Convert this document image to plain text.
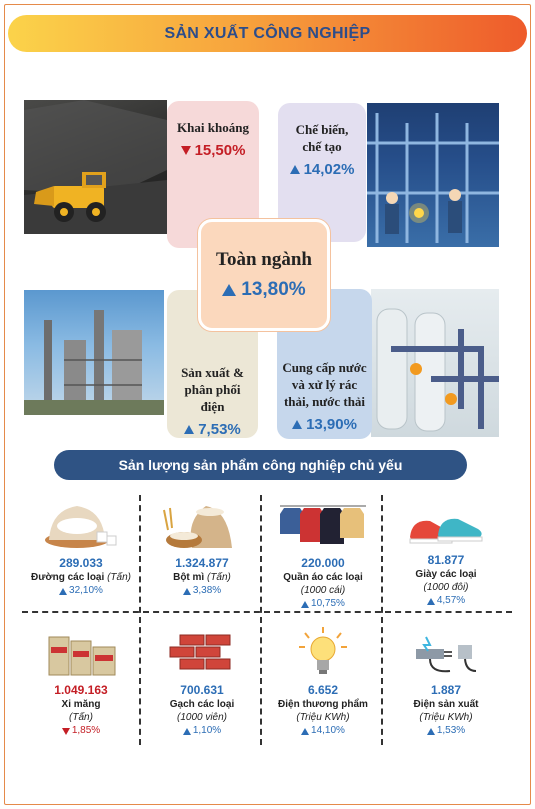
SẢN XUẤT CÔNG NGHIỆP
Khai khoáng
15,50%
Chế biến, chế tạo
14,02%
Sản xuất & phân phối điện
7,53%
Cung cấp nước và xử lý rác thải, nước thải
13,90%
Toàn ngành
13,80%
Sản lượng sản phẩm công nghiệp chủ yếu
289.033
Đường các loại (Tấn)
32,10%
1.324.877
Bột mì (Tấn)
3,38%
220.000
Quần áo các loại
(1000 cái)
10,75%
81.877
Giày các loại
(1000 đôi)
4,57%
1.049.163
Xi măng
(Tấn)
1,85%
700.631
Gạch các loại
(1000 viên)
1,10%
6.652
Điện thương phẩm
(Triệu KWh)
14,10%
1.887
Điện sản xuất
(Triệu KWh)
1,53%
